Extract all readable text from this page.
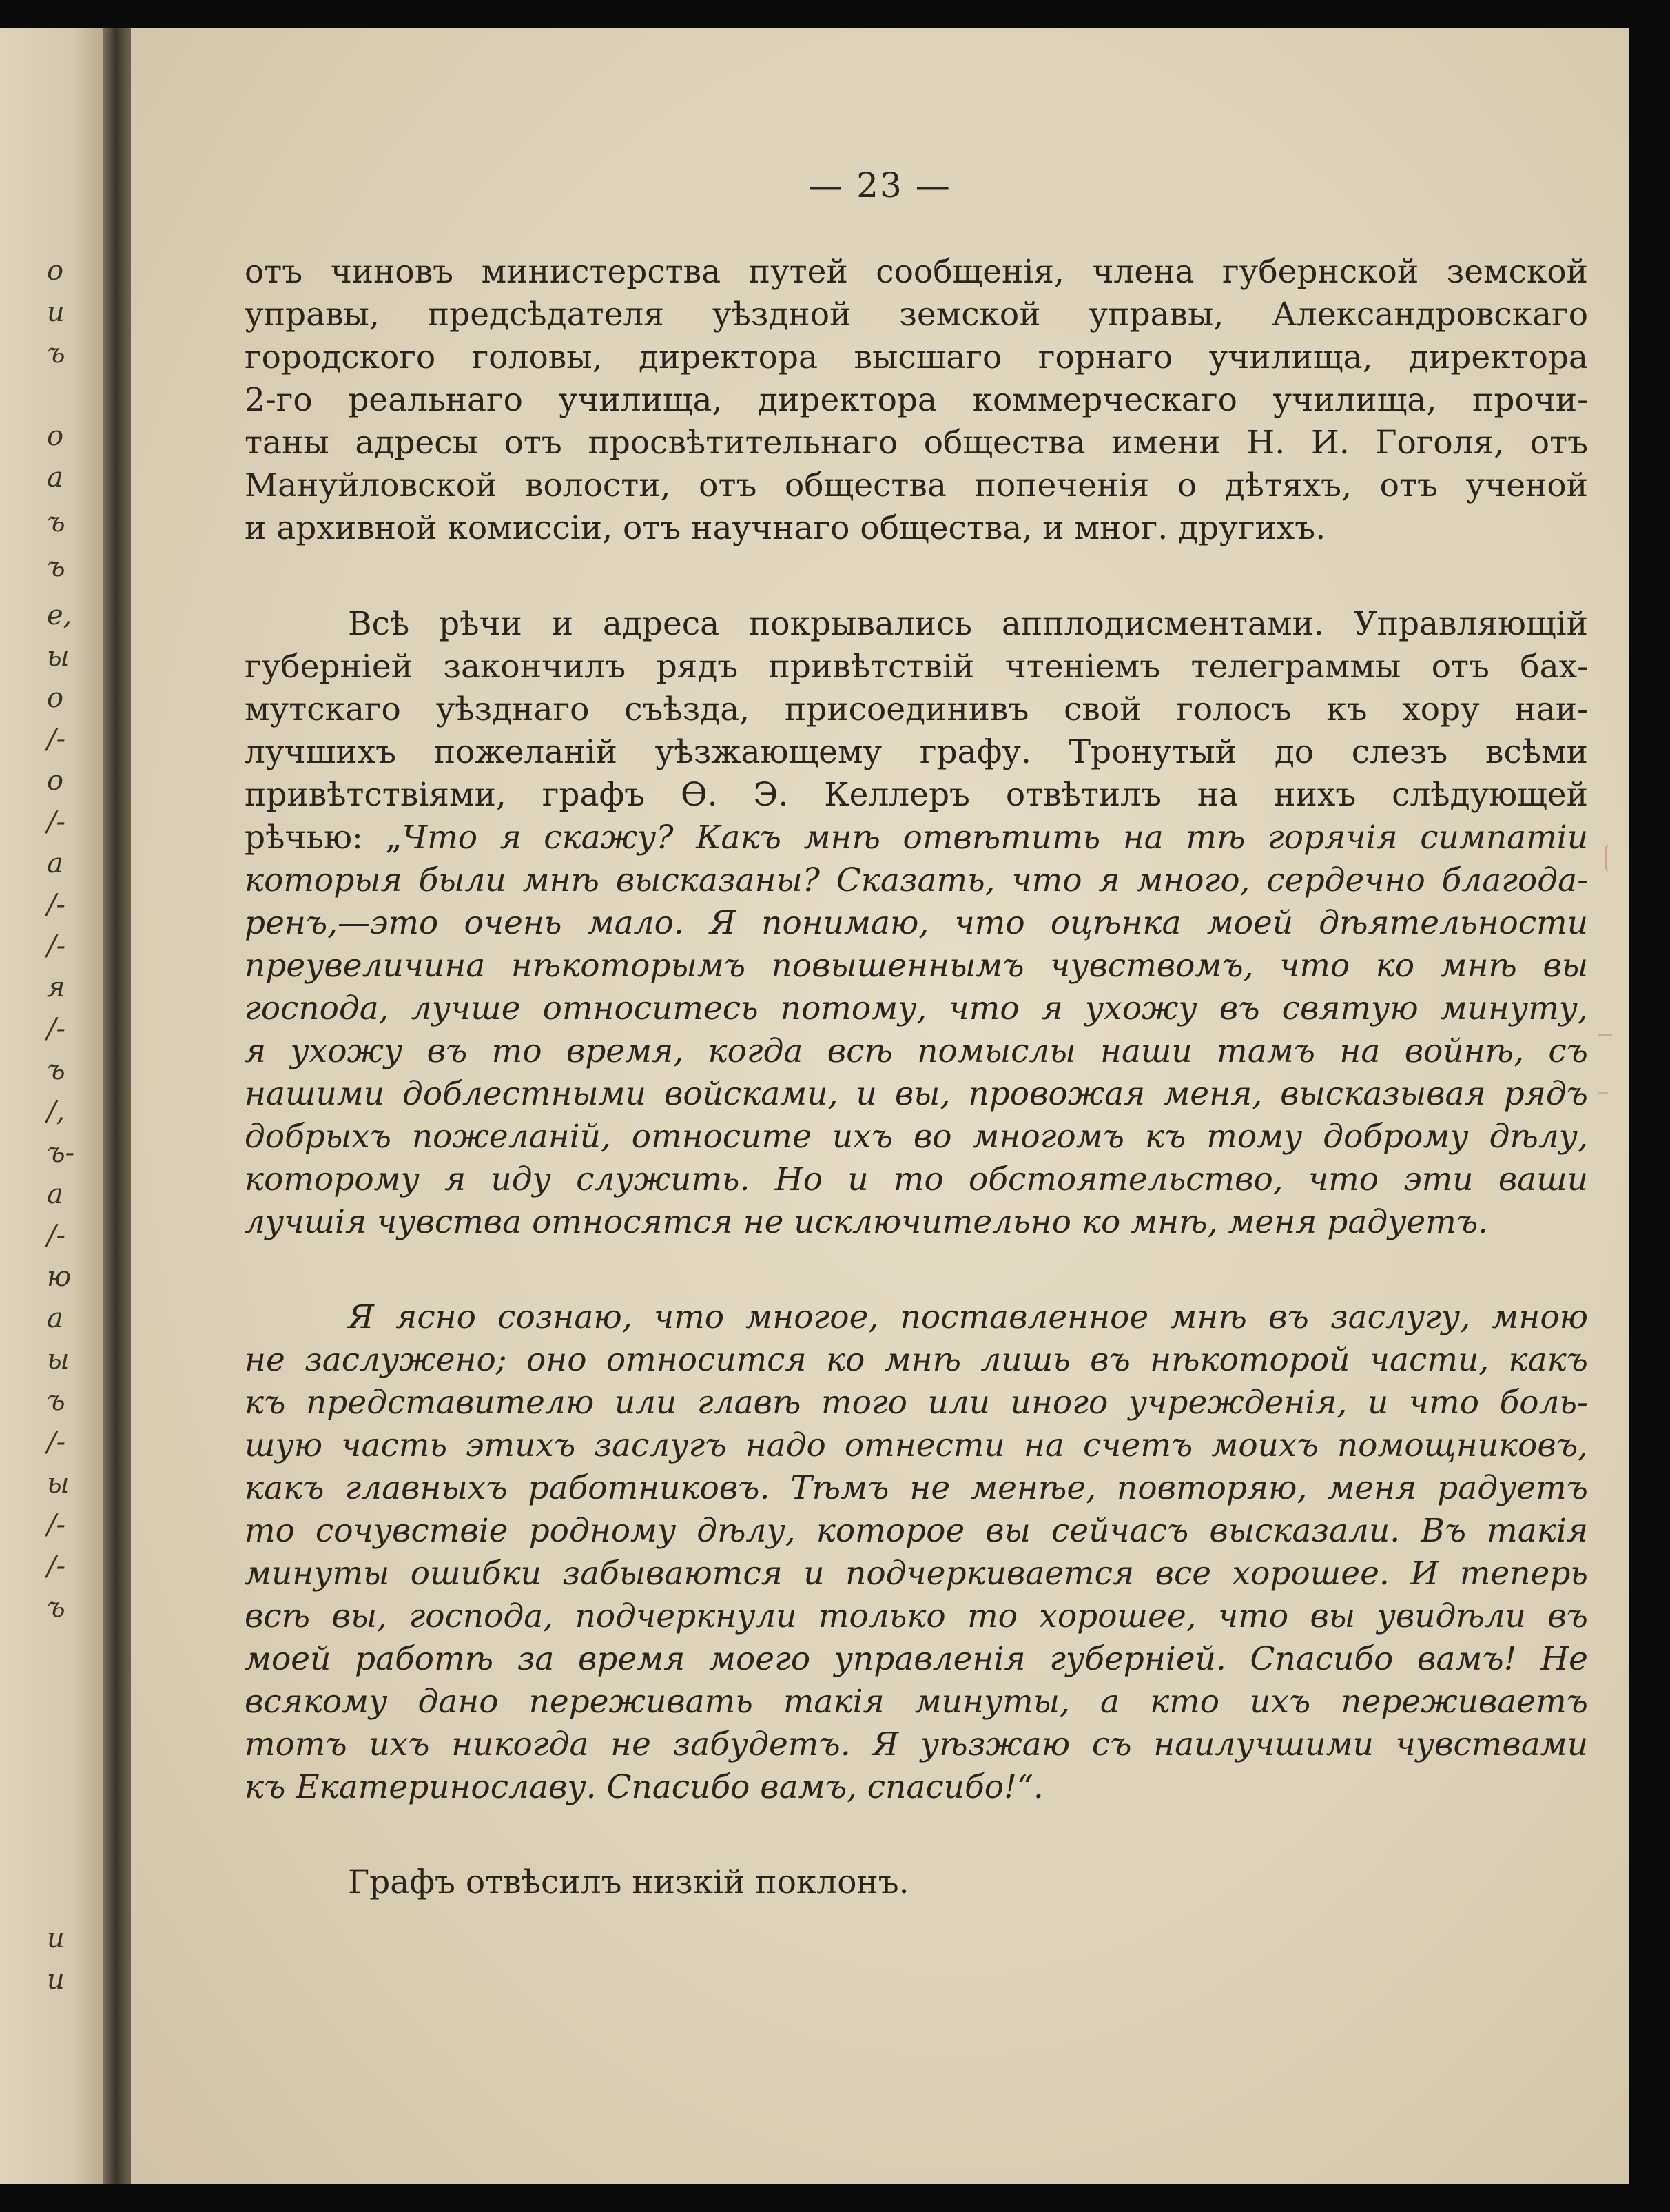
о
и
ъ
о
а
ъ
ъ
е,
ы
о
/-
о
/-
а
/-
/-
я
/-
ъ
/,
ъ-
а
/-
ю
а
ы
ъ
/-
ы
/-
/-
ъ
и
и
— 23 —
отъ чиновъ министерства путей сообщенія, члена губернской земской
управы, предсѣдателя уѣздной земской управы, Александровскаго
городского головы, директора высшаго горнаго училища, директора
2-го реальнаго училища, директора коммерческаго училища, прочи-
таны адресы отъ просвѣтительнаго общества имени Н. И. Гоголя, отъ
Мануйловской волости, отъ общества попеченія о дѣтяхъ, отъ ученой
и архивной комиссіи, отъ научнаго общества, и мног. другихъ.
Всѣ рѣчи и адреса покрывались апплодисментами. Управляющій
губерніей закончилъ рядъ привѣтствій чтеніемъ телеграммы отъ бах-
мутскаго уѣзднаго съѣзда, присоединивъ свой голосъ къ хору наи-
лучшихъ пожеланій уѣзжающему графу. Тронутый до слезъ всѣми
привѣтствіями, графъ Ѳ. Э. Келлеръ отвѣтилъ на нихъ слѣдующей
рѣчью: „Что я скажу? Какъ мнѣ отвѣтить на тѣ горячія симпатіи
которыя были мнѣ высказаны? Сказать, что я много, сердечно благода-
ренъ,—это очень мало. Я понимаю, что оцѣнка моей дѣятельности
преувеличина нѣкоторымъ повышеннымъ чувствомъ, что ко мнѣ вы
господа, лучше относитесь потому, что я ухожу въ святую минуту,
я ухожу въ то время, когда всѣ помыслы наши тамъ на войнѣ, съ
нашими доблестными войсками, и вы, провожая меня, высказывая рядъ
добрыхъ пожеланій, относите ихъ во многомъ къ тому доброму дѣлу,
которому я иду служить. Но и то обстоятельство, что эти ваши
лучшія чувства относятся не исключительно ко мнѣ, меня радуетъ.
Я ясно сознаю, что многое, поставленное мнѣ въ заслугу, мною
не заслужено; оно относится ко мнѣ лишь въ нѣкоторой части, какъ
къ представителю или главѣ того или иного учрежденія, и что боль-
шую часть этихъ заслугъ надо отнести на счетъ моихъ помощниковъ,
какъ главныхъ работниковъ. Тѣмъ не менѣе, повторяю, меня радуетъ
то сочувствіе родному дѣлу, которое вы сейчасъ высказали. Въ такія
минуты ошибки забываются и подчеркивается все хорошее. И теперь
всѣ вы, господа, подчеркнули только то хорошее, что вы увидѣли въ
моей работѣ за время моего управленія губерніей. Спасибо вамъ! Не
всякому дано переживать такія минуты, а кто ихъ переживаетъ
тотъ ихъ никогда не забудетъ. Я уѣзжаю съ наилучшими чувствами
къ Екатеринославу. Спасибо вамъ, спасибо!“.
Графъ отвѣсилъ низкій поклонъ.
